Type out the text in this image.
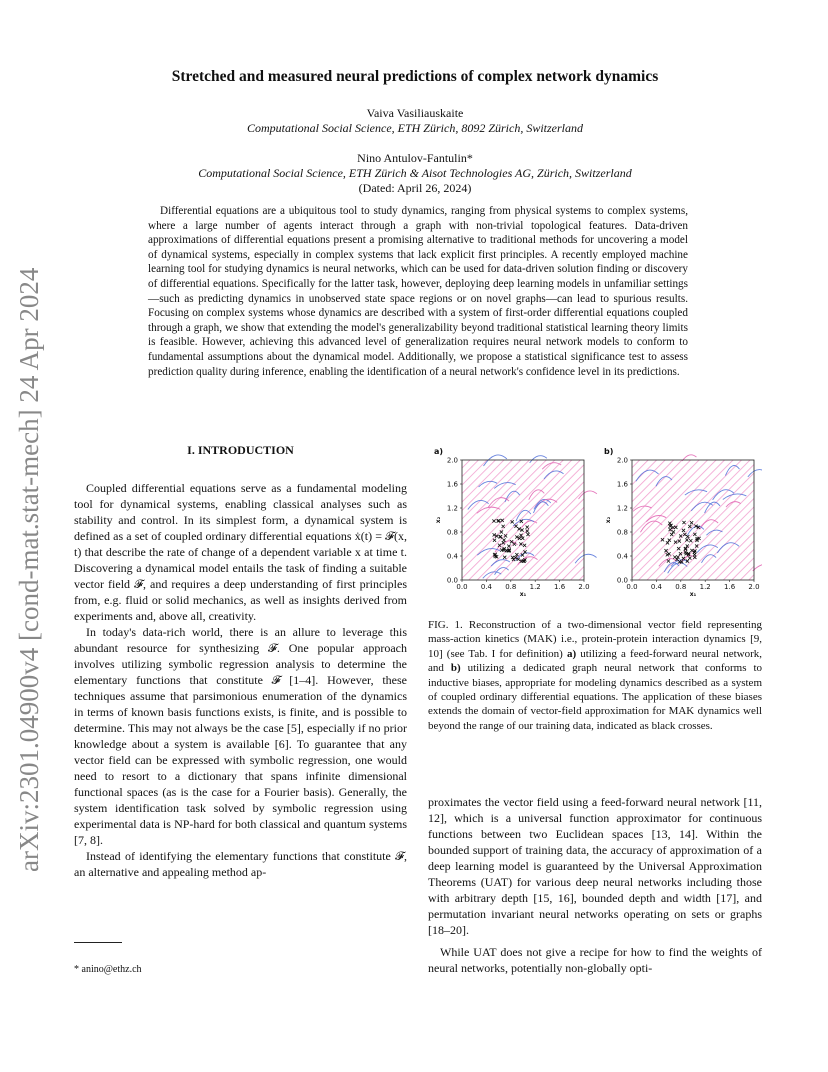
arXiv:2301.04900v4 [cond-mat.stat-mech] 24 Apr 2024
Stretched and measured neural predictions of complex network dynamics
Vaiva Vasiliauskaite
Computational Social Science, ETH Zürich, 8092 Zürich, Switzerland
Nino Antulov-Fantulin*
Computational Social Science, ETH Zürich & Aisot Technologies AG, Zürich, Switzerland
(Dated: April 26, 2024)
Differential equations are a ubiquitous tool to study dynamics, ranging from physical systems to complex systems, where a large number of agents interact through a graph with non-trivial topological features. Data-driven approximations of differential equations present a promising alternative to traditional methods for uncovering a model of dynamical systems, especially in complex systems that lack explicit first principles. A recently employed machine learning tool for studying dynamics is neural networks, which can be used for data-driven solution finding or discovery of differential equations. Specifically for the latter task, however, deploying deep learning models in unfamiliar settings—such as predicting dynamics in unobserved state space regions or on novel graphs—can lead to spurious results. Focusing on complex systems whose dynamics are described with a system of first-order differential equations coupled through a graph, we show that extending the model's generalizability beyond traditional statistical learning theory limits is feasible. However, achieving this advanced level of generalization requires neural network models to conform to fundamental assumptions about the dynamical model. Additionally, we propose a statistical significance test to assess prediction quality during inference, enabling the identification of a neural network's confidence level in its predictions.
I. INTRODUCTION

Coupled differential equations serve as a fundamental modeling tool for dynamical systems, enabling classical analyses such as stability and control. In its simplest form, a dynamical system is defined as a set of coupled ordinary differential equations ẋ(t) = 𝓕(x, t) that describe the rate of change of a dependent variable x at time t. Discovering a dynamical model entails the task of finding a suitable vector field 𝓕, and requires a deep understanding of first principles from, e.g. fluid or solid mechanics, as well as insights derived from experiments and, above all, creativity.

In today's data-rich world, there is an allure to leverage this abundant resource for synthesizing 𝓕. One popular approach involves utilizing symbolic regression analysis to determine the elementary functions that constitute 𝓕 [1–4]. However, these techniques assume that parsimonious enumeration of the dynamics in terms of known basis functions exists, is finite, and is possible to determine. This may not always be the case [5], especially if no prior knowledge about a system is available [6]. To guarantee that any vector field can be expressed with symbolic regression, one would need to resort to a dictionary that spans infinite dimensional functional spaces (as is the case for a Fourier basis). Generally, the system identification task solved by symbolic regression using experimental data is NP-hard for both classical and quantum systems [7, 8].

Instead of identifying the elementary functions that constitute 𝓕, an alternative and appealing method ap-

* anino@ethz.ch
a)
0.0 0.4 0.8 1.2 1.6 2.0
0.0
0.4
0.8
1.2
1.6
2.0
x₁
x₂
b)
0.0 0.4 0.8 1.2 1.6 2.0
0.0
0.4
0.8
1.2
1.6
2.0
x₁
x₂
FIG. 1. Reconstruction of a two-dimensional vector field representing mass-action kinetics (MAK) i.e., protein-protein interaction dynamics [9, 10] (see Tab. I for definition) a) utilizing a feed-forward neural network, and b) utilizing a dedicated graph neural network that conforms to inductive biases, appropriate for modeling dynamics described as a system of coupled ordinary differential equations. The application of these biases extends the domain of vector-field approximation for MAK dynamics well beyond the range of our training data, indicated as black crosses.

proximates the vector field using a feed-forward neural network [11, 12], which is a universal function approximator for continuous functions between two Euclidean spaces [13, 14]. Within the bounded support of training data, the accuracy of approximation of a deep learning model is guaranteed by the Universal Approximation Theorems (UAT) for various deep neural networks including those with arbitrary depth [15, 16], bounded depth and width [17], and permutation invariant neural networks operating on sets or graphs [18–20].

While UAT does not give a recipe for how to find the weights of neural networks, potentially non-globally opti-
